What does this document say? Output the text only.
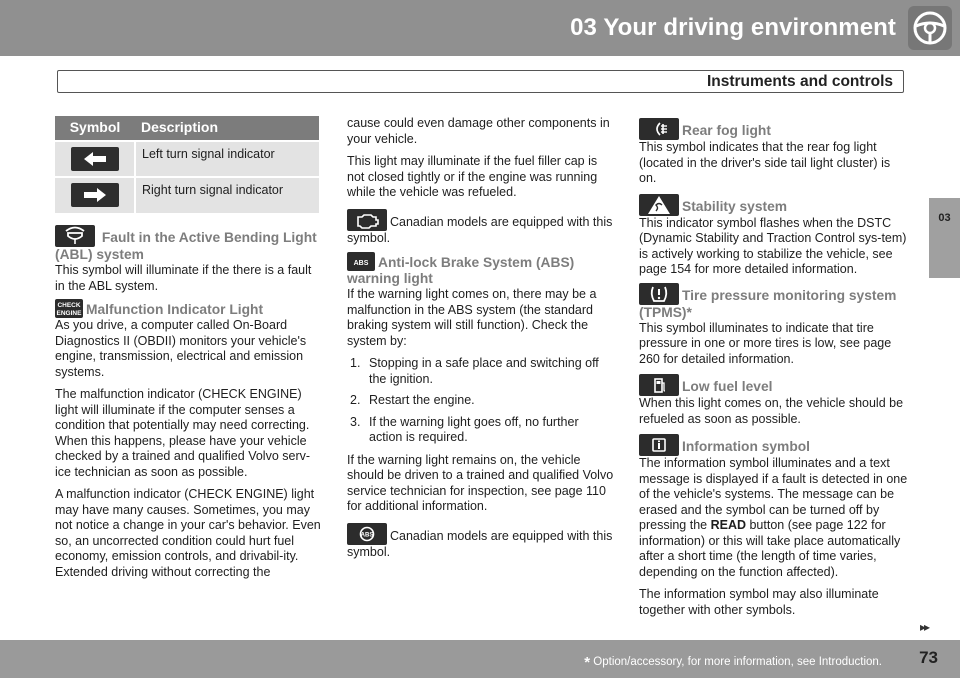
03 Your driving environment
Instruments and controls
03
Symbol	Description

	Left turn signal indicator

	Right turn signal indicator
Fault in the Active Bending Light
(ABL) system

This symbol will illuminate if the there is a fault in the ABL system.

CHECK
ENGINE Malfunction Indicator Light

As you drive, a computer called On-Board Diagnostics II (OBDII) monitors your vehicle's engine, transmission, electrical and emission systems.

The malfunction indicator (CHECK ENGINE) light will illuminate if the computer senses a condition that potentially may need correcting. When this happens, please have your vehicle checked by a trained and qualified Volvo serv-ice technician as soon as possible.

A malfunction indicator (CHECK ENGINE) light may have many causes. Sometimes, you may not notice a change in your car's behavior. Even so, an uncorrected condition could hurt fuel economy, emission controls, and drivabil-ity. Extended driving without correcting the

cause could even damage other components in your vehicle.

This light may illuminate if the fuel filler cap is not closed tightly or if the engine was running while the vehicle was refueled.

Canadian models are equipped with this symbol.

ABS Anti-lock Brake System (ABS)
warning light

If the warning light comes on, there may be a malfunction in the ABS system (the standard braking system will still function). Check the system by:

1. Stopping in a safe place and switching off the ignition.
2. Restart the engine.
3. If the warning light goes off, no further action is required.

If the warning light remains on, the vehicle should be driven to a trained and qualified Volvo service technician for inspection, see page 110 for additional information.

ABS Canadian models are equipped with this symbol.

Rear fog light

This symbol indicates that the rear fog light (located in the driver's side tail light cluster) is on.

Stability system

This indicator symbol flashes when the DSTC (Dynamic Stability and Traction Control sys-tem) is actively working to stabilize the vehicle, see page 154 for more detailed information.

Tire pressure monitoring system
(TPMS)*

This symbol illuminates to indicate that tire pressure in one or more tires is low, see page 260 for detailed information.

Low fuel level

When this light comes on, the vehicle should be refueled as soon as possible.

Information symbol

The information symbol illuminates and a text message is displayed if a fault is detected in one of the vehicle's systems. The message can be erased and the symbol can be turned off by pressing the READ button (see page 122 for information) or this will take place automatically after a short time (the length of time varies, depending on the function affected).

The information symbol may also illuminate together with other symbols.

▸▸
* Option/accessory, for more information, see Introduction. 73
